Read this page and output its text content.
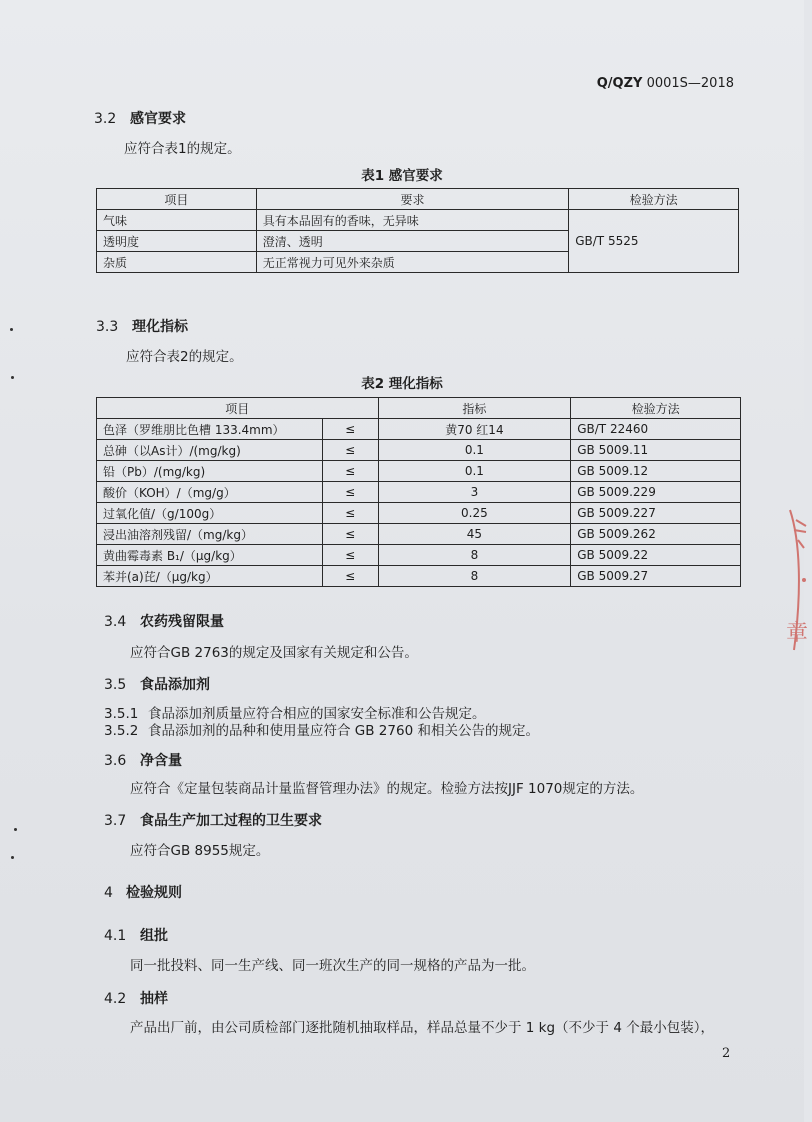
Q/QZY 0001S—2018
3.2 感官要求
应符合表1的规定。
表1 感官要求
项目	要求	检验方法
气味	具有本品固有的香味，无异味	GB/T 5525
透明度	澄清、透明	
杂质	无正常视力可见外来杂质	
3.3 理化指标
应符合表2的规定。
表2 理化指标
项目		指标	检验方法
色泽（罗维朋比色槽 133.4mm）	≤	黄70 红14	GB/T 22460
总砷（以As计）/(mg/kg)	≤	0.1	GB 5009.11
铅（Pb）/(mg/kg)	≤	0.1	GB 5009.12
酸价（KOH）/（mg/g）	≤	3	GB 5009.229
过氧化值/（g/100g）	≤	0.25	GB 5009.227
浸出油溶剂残留/（mg/kg）	≤	45	GB 5009.262
黄曲霉毒素 B₁/（μg/kg）	≤	8	GB 5009.22
苯并(a)芘/（μg/kg）	≤	8	GB 5009.27
3.4 农药残留限量
应符合GB 2763的规定及国家有关规定和公告。
3.5 食品添加剂
3.5.1 食品添加剂质量应符合相应的国家安全标准和公告规定。
3.5.2 食品添加剂的品种和使用量应符合 GB 2760 和相关公告的规定。
3.6 净含量
应符合《定量包装商品计量监督管理办法》的规定。检验方法按JJF 1070规定的方法。
3.7 食品生产加工过程的卫生要求
应符合GB 8955规定。
4 检验规则
4.1 组批
同一批投料、同一生产线、同一班次生产的同一规格的产品为一批。
4.2 抽样
产品出厂前，由公司质检部门逐批随机抽取样品，样品总量不少于 1 kg（不少于 4 个最小包装），
2
章
